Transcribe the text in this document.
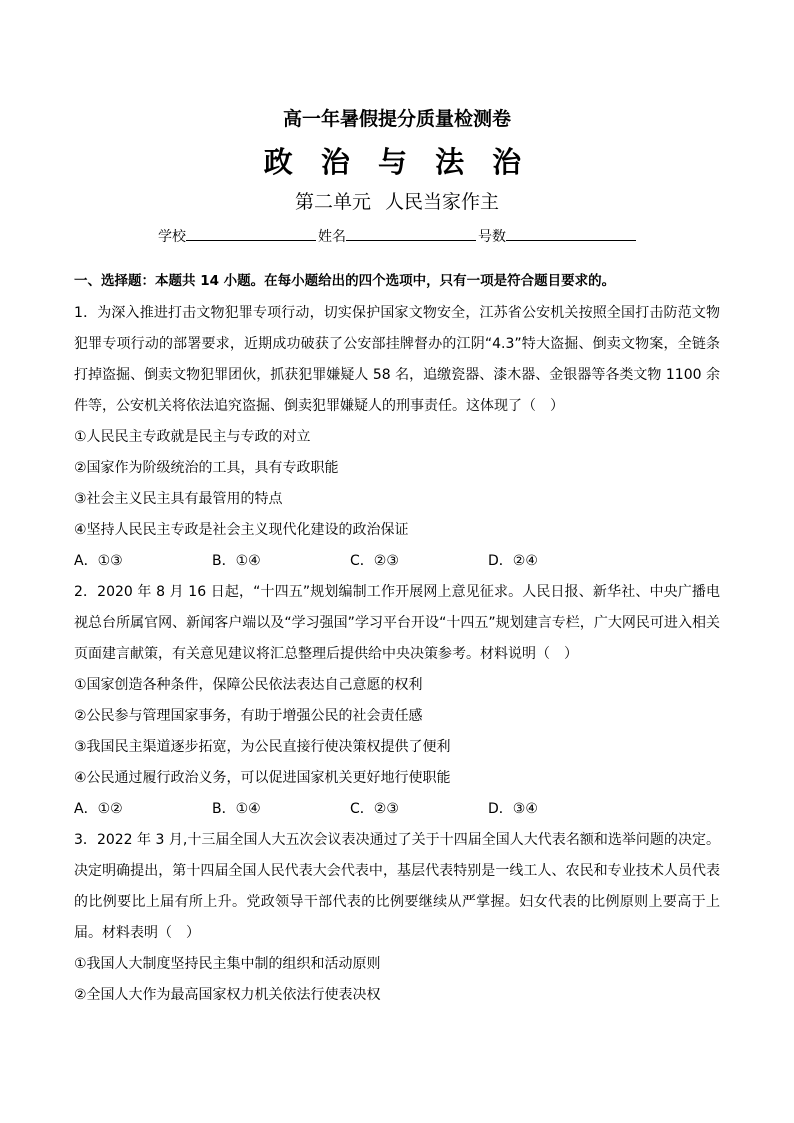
高一年暑假提分质量检测卷
政 治 与 法 治
第二单元 人民当家作主
学校	姓名	号数
一、选择题：本题共 14 小题。在每小题给出的四个选项中，只有一项是符合题目要求的。
1．为深入推进打击文物犯罪专项行动，切实保护国家文物安全，江苏省公安机关按照全国打击防范文物犯罪专项行动的部署要求，近期成功破获了公安部挂牌督办的江阴“4.3”特大盗掘、倒卖文物案，全链条打掉盗掘、倒卖文物犯罪团伙，抓获犯罪嫌疑人 58 名，追缴瓷器、漆木器、金银器等各类文物 1100 余件等，公安机关将依法追究盗掘、倒卖犯罪嫌疑人的刑事责任。这体现了（　）
①人民民主专政就是民主与专政的对立
②国家作为阶级统治的工具，具有专政职能
③社会主义民主具有最管用的特点
④坚持人民民主专政是社会主义现代化建设的政治保证
A．①③	B．①④	C．②③	D．②④
2．2020 年 8 月 16 日起，“十四五”规划编制工作开展网上意见征求。人民日报、新华社、中央广播电视总台所属官网、新闻客户端以及“学习强国”学习平台开设“十四五”规划建言专栏，广大网民可进入相关页面建言献策，有关意见建议将汇总整理后提供给中央决策参考。材料说明（　）
①国家创造各种条件，保障公民依法表达自己意愿的权利
②公民参与管理国家事务，有助于增强公民的社会责任感
③我国民主渠道逐步拓宽，为公民直接行使决策权提供了便利
④公民通过履行政治义务，可以促进国家机关更好地行使职能
A．①②	B．①④	C．②③	D．③④
3．2022 年 3 月,十三届全国人大五次会议表决通过了关于十四届全国人大代表名额和选举问题的决定。决定明确提出，第十四届全国人民代表大会代表中，基层代表特别是一线工人、农民和专业技术人员代表的比例要比上届有所上升。党政领导干部代表的比例要继续从严掌握。妇女代表的比例原则上要高于上届。材料表明（　）
①我国人大制度坚持民主集中制的组织和活动原则
②全国人大作为最高国家权力机关依法行使表决权
